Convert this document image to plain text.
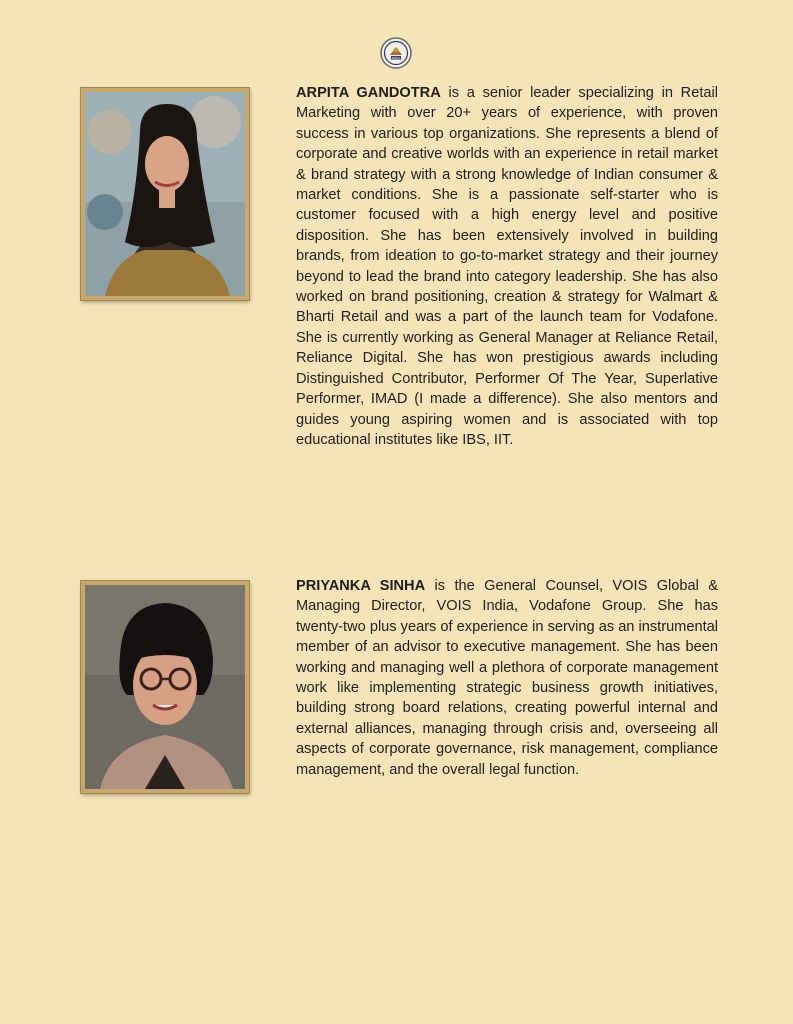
INDIA

ARPITA GANDOTRA is a senior leader specializing in Retail Marketing with over 20+ years of experience, with proven success in various top organizations. She represents a blend of corporate and creative worlds with an experience in retail market & brand strategy with a strong knowledge of Indian consumer & market conditions. She is a passionate self-starter who is customer focused with a high energy level and positive disposition. She has been extensively involved in building brands, from ideation to go-to-market strategy and their journey beyond to lead the brand into category leadership. She has also worked on brand positioning, creation & strategy for Walmart & Bharti Retail and was a part of the launch team for Vodafone. She is currently working as General Manager at Reliance Retail, Reliance Digital. She has won prestigious awards including Distinguished Contributor, Performer Of The Year, Superlative Performer, IMAD (I made a difference). She also mentors and guides young aspiring women and is associated with top educational institutes like IBS, IIT.

PRIYANKA SINHA is the General Counsel, VOIS Global & Managing Director, VOIS India, Vodafone Group. She has twenty-two plus years of experience in serving as an instrumental member of an advisor to executive management. She has been working and managing well a plethora of corporate management work like implementing strategic business growth initiatives, building strong board relations, creating powerful internal and external alliances, managing through crisis and, overseeing all aspects of corporate governance, risk management, compliance management, and the overall legal function.
